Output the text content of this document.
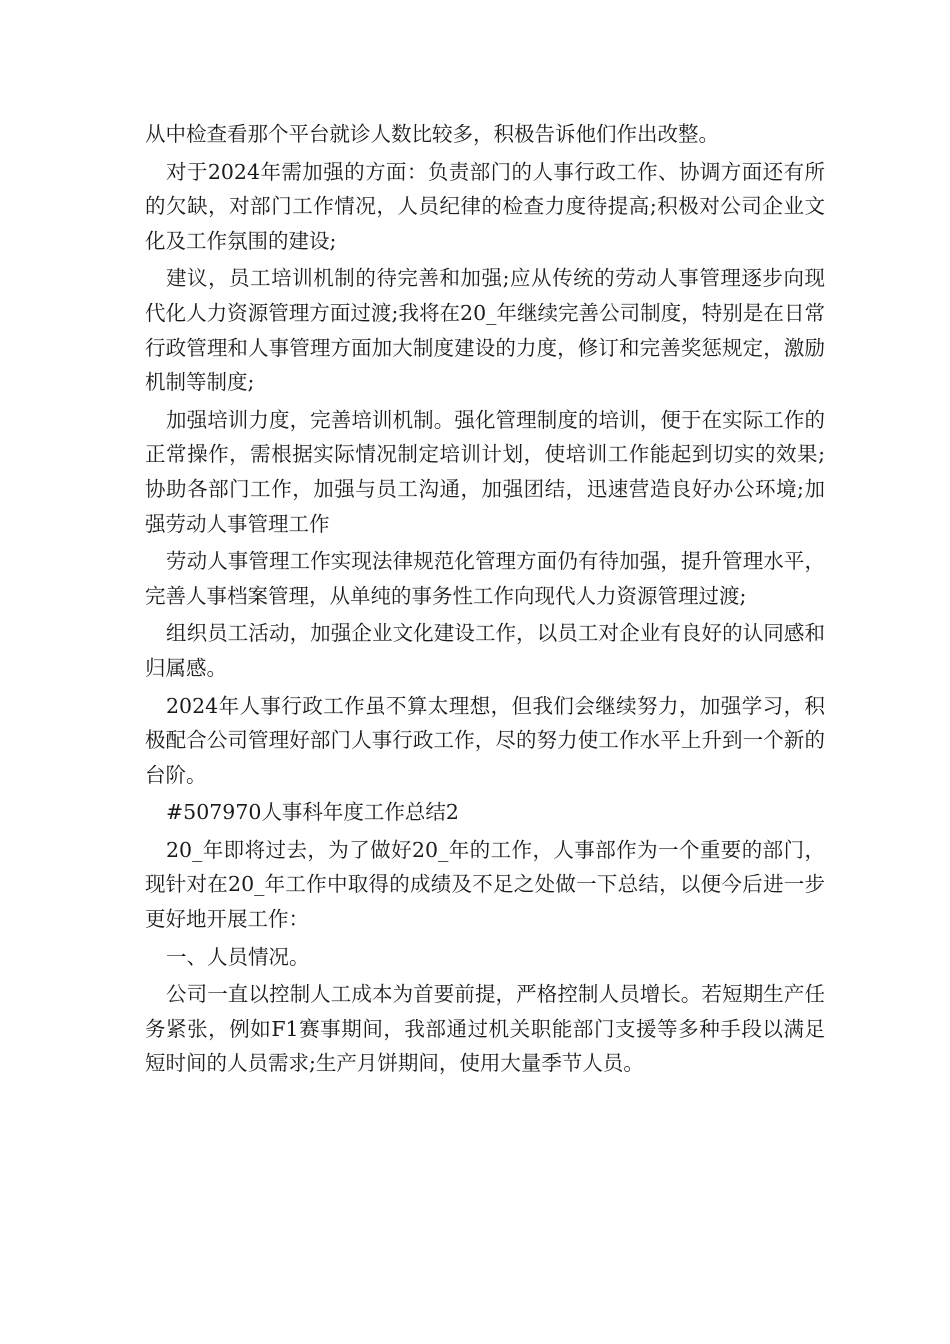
从中检查看那个平台就诊人数比较多，积极告诉他们作出改整。

对于2024年需加强的方面：负责部门的人事行政工作、协调方面还有所的欠缺，对部门工作情况，人员纪律的检查力度待提高;积极对公司企业文化及工作氛围的建设;

建议，员工培训机制的待完善和加强;应从传统的劳动人事管理逐步向现代化人力资源管理方面过渡;我将在20_年继续完善公司制度，特别是在日常行政管理和人事管理方面加大制度建设的力度，修订和完善奖惩规定，激励机制等制度;

加强培训力度，完善培训机制。强化管理制度的培训，便于在实际工作的正常操作，需根据实际情况制定培训计划，使培训工作能起到切实的效果;协助各部门工作，加强与员工沟通，加强团结，迅速营造良好办公环境;加强劳动人事管理工作

劳动人事管理工作实现法律规范化管理方面仍有待加强，提升管理水平，完善人事档案管理，从单纯的事务性工作向现代人力资源管理过渡;

组织员工活动，加强企业文化建设工作，以员工对企业有良好的认同感和归属感。

2024年人事行政工作虽不算太理想，但我们会继续努力，加强学习，积极配合公司管理好部门人事行政工作，尽的努力使工作水平上升到一个新的台阶。

#507970人事科年度工作总结2

20_年即将过去，为了做好20_年的工作，人事部作为一个重要的部门，现针对在20_年工作中取得的成绩及不足之处做一下总结，以便今后进一步更好地开展工作：

一、人员情况。

公司一直以控制人工成本为首要前提，严格控制人员增长。若短期生产任务紧张，例如F1赛事期间，我部通过机关职能部门支援等多种手段以满足短时间的人员需求;生产月饼期间，使用大量季节人员。
